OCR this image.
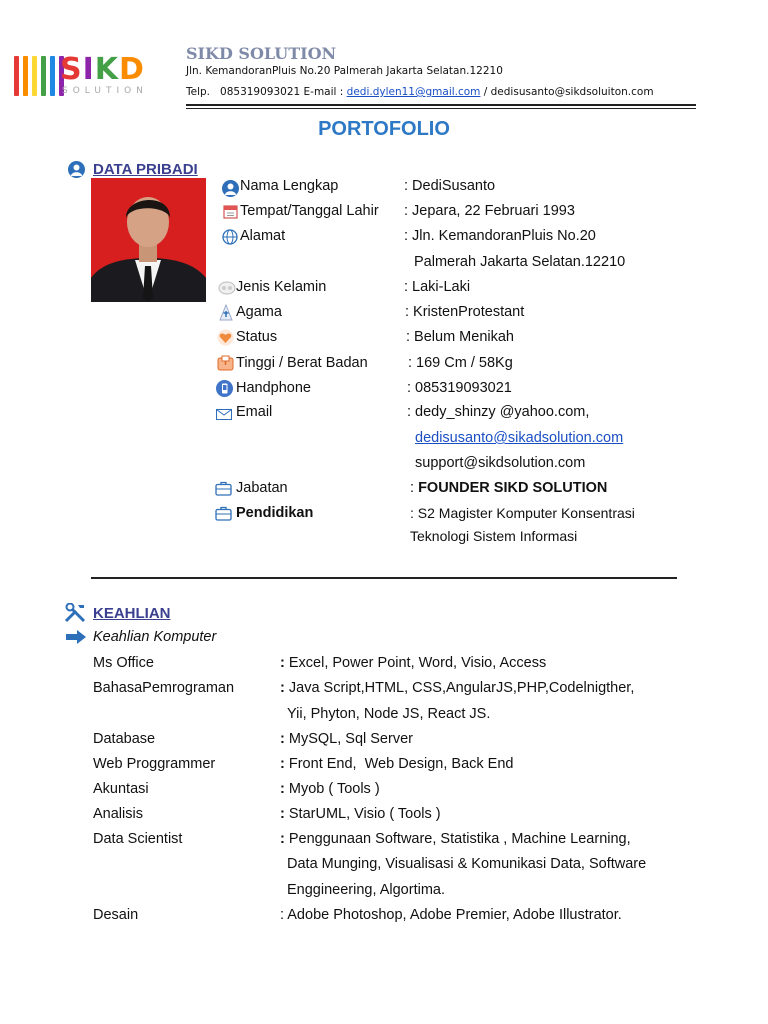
SIKD
SOLUTION
SIKD SOLUTION
Jln. KemandoranPluis No.20 Palmerah Jakarta Selatan.12210
Telp.   085319093021 E-mail : dedi.dylen11@gmail.com / dedisusanto@sikdsoluiton.com
PORTOFOLIO
DATA PRIBADI
Nama Lengkap	: DediSusanto
Tempat/Tanggal Lahir : Jepara, 22 Februari 1993
Alamat	: Jln. KemandoranPluis No.20
Palmerah Jakarta Selatan.12210
Jenis Kelamin	: Laki-Laki
Agama	: KristenProtestant
Status	: Belum Menikah
Tinggi / Berat Badan	: 169 Cm / 58Kg
Handphone	: 085319093021
Email	: dedy_shinzy @yahoo.com,
dedisusanto@sikadsolution.com
support@sikdsolution.com
Jabatan	: FOUNDER SIKD SOLUTION
Pendidikan	: S2 Magister Komputer Konsentrasi
Teknologi Sistem Informasi
KEAHLIAN
Keahlian Komputer
Ms Office	: Excel, Power Point, Word, Visio, Access
BahasaPemrograman	: Java Script,HTML, CSS,AngularJS,PHP,Codelnigther,
Yii, Phyton, Node JS, React JS.
Database	: MySQL, Sql Server
Web Proggrammer	: Front End,  Web Design, Back End
Akuntasi	: Myob ( Tools )
Analisis	: StarUML, Visio ( Tools )
Data Scientist	: Penggunaan Software, Statistika , Machine Learning,
Data Munging, Visualisasi & Komunikasi Data, Software
Enggineering, Algortima.
Desain	: Adobe Photoshop, Adobe Premier, Adobe Illustrator.
